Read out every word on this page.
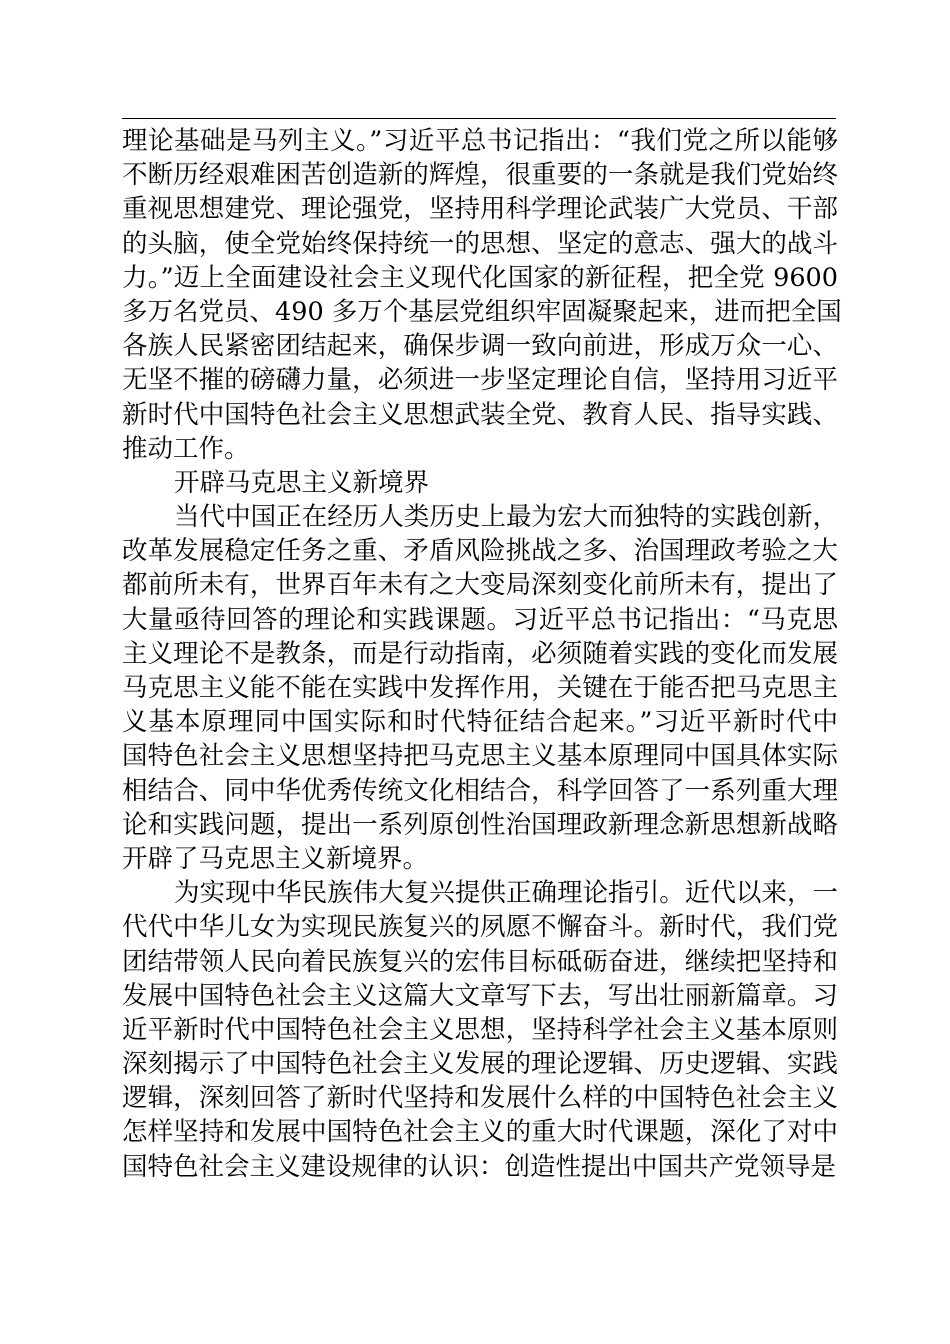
理论基础是马列主义。”习近平总书记指出：“我们党之所以能够
不断历经艰难困苦创造新的辉煌，很重要的一条就是我们党始终
重视思想建党、理论强党，坚持用科学理论武装广大党员、干部
的头脑，使全党始终保持统一的思想、坚定的意志、强大的战斗
力。”迈上全面建设社会主义现代化国家的新征程，把全党 9600
多万名党员、490 多万个基层党组织牢固凝聚起来，进而把全国
各族人民紧密团结起来，确保步调一致向前进，形成万众一心、
无坚不摧的磅礴力量，必须进一步坚定理论自信，坚持用习近平
新时代中国特色社会主义思想武装全党、教育人民、指导实践、
推动工作。
开辟马克思主义新境界
当代中国正在经历人类历史上最为宏大而独特的实践创新，
改革发展稳定任务之重、矛盾风险挑战之多、治国理政考验之大
都前所未有，世界百年未有之大变局深刻变化前所未有，提出了
大量亟待回答的理论和实践课题。习近平总书记指出：“马克思
主义理论不是教条，而是行动指南，必须随着实践的变化而发展
马克思主义能不能在实践中发挥作用，关键在于能否把马克思主
义基本原理同中国实际和时代特征结合起来。”习近平新时代中
国特色社会主义思想坚持把马克思主义基本原理同中国具体实际
相结合、同中华优秀传统文化相结合，科学回答了一系列重大理
论和实践问题，提出一系列原创性治国理政新理念新思想新战略
开辟了马克思主义新境界。
为实现中华民族伟大复兴提供正确理论指引。近代以来，一
代代中华儿女为实现民族复兴的夙愿不懈奋斗。新时代，我们党
团结带领人民向着民族复兴的宏伟目标砥砺奋进，继续把坚持和
发展中国特色社会主义这篇大文章写下去，写出壮丽新篇章。习
近平新时代中国特色社会主义思想，坚持科学社会主义基本原则
深刻揭示了中国特色社会主义发展的理论逻辑、历史逻辑、实践
逻辑，深刻回答了新时代坚持和发展什么样的中国特色社会主义
怎样坚持和发展中国特色社会主义的重大时代课题，深化了对中
国特色社会主义建设规律的认识：创造性提出中国共产党领导是
